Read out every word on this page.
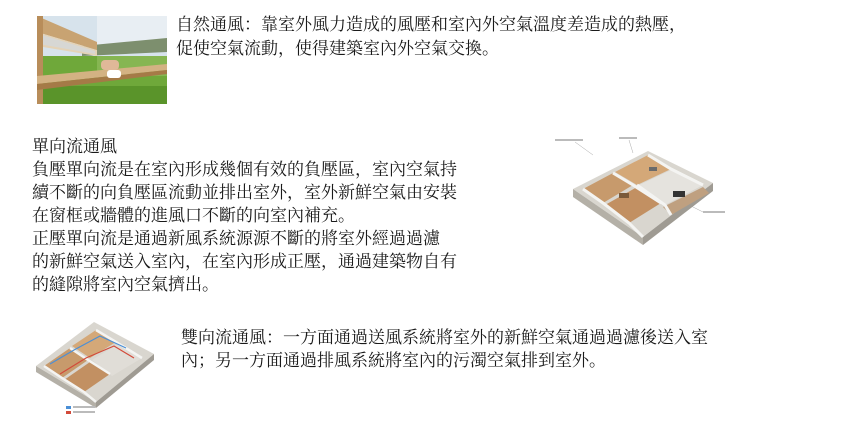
自然通風：靠室外風力造成的風壓和室內外空氣溫度差造成的熱壓，
促使空氣流動，使得建築室內外空氣交換。
單向流通風
負壓單向流是在室內形成幾個有效的負壓區，室內空氣持
續不斷的向負壓區流動並排出室外，室外新鮮空氣由安裝
在窗框或牆體的進風口不斷的向室內補充。
正壓單向流是通過新風系統源源不斷的將室外經過過濾
的新鮮空氣送入室內，在室內形成正壓，通過建築物自有
的縫隙將室內空氣擠出。
雙向流通風：一方面通過送風系統將室外的新鮮空氣通過過濾後送入室
內；另一方面通過排風系統將室內的污濁空氣排到室外。
